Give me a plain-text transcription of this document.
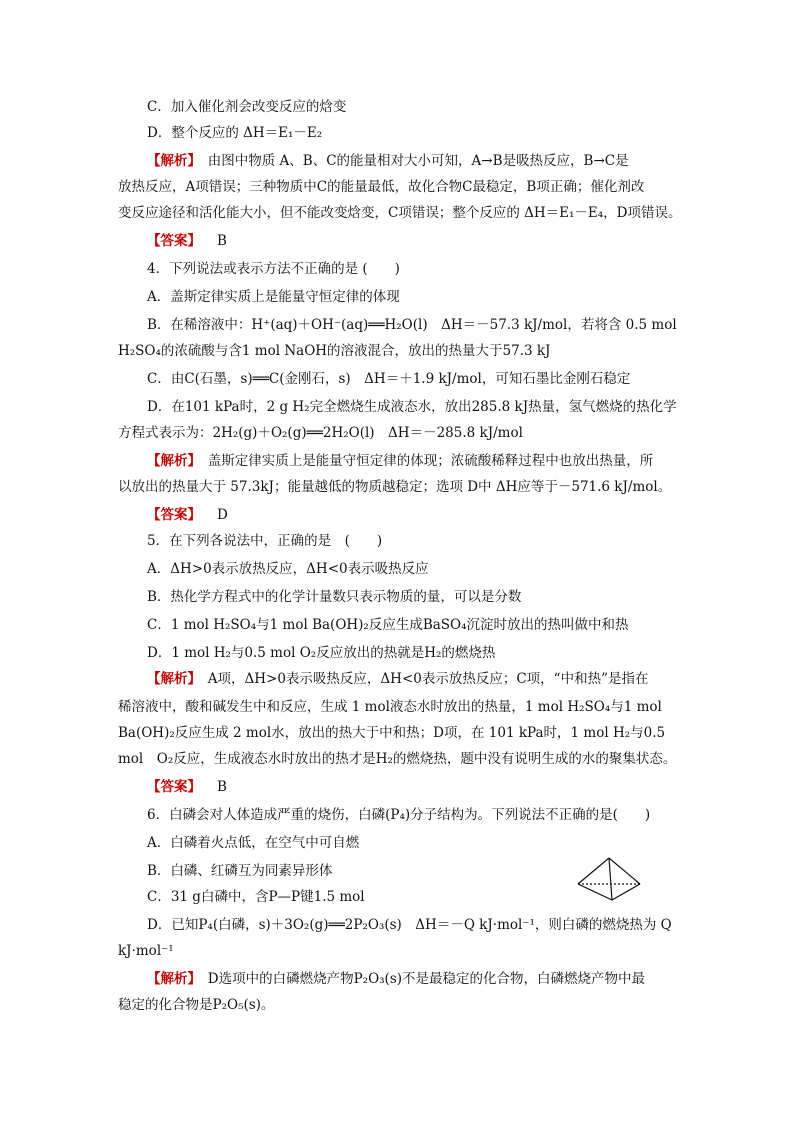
C．加入催化剂会改变反应的焓变
D．整个反应的 ΔH＝E₁－E₂
【解析】　由图中物质 A、B、C的能量相对大小可知，A→B是吸热反应，B→C是
放热反应，A项错误；三种物质中C的能量最低，故化合物C最稳定，B项正确；催化剂改
变反应途径和活化能大小，但不能改变焓变，C项错误；整个反应的 ΔH＝E₁－E₄，D项错误。
【答案】 B
4．下列说法或表示方法不正确的是 (　　)
A．盖斯定律实质上是能量守恒定律的体现
B．在稀溶液中：H⁺(aq)＋OH⁻(aq)══H₂O(l)　ΔH＝－57.3 kJ/mol，若将含 0.5 mol
H₂SO₄的浓硫酸与含1 mol NaOH的溶液混合，放出的热量大于57.3 kJ
C．由C(石墨，s)══C(金刚石，s)　ΔH＝＋1.9 kJ/mol，可知石墨比金刚石稳定
D．在101 kPa时，2 g H₂完全燃烧生成液态水，放出285.8 kJ热量，氢气燃烧的热化学
方程式表示为：2H₂(g)＋O₂(g)══2H₂O(l)　ΔH＝－285.8 kJ/mol
【解析】　盖斯定律实质上是能量守恒定律的体现；浓硫酸稀释过程中也放出热量，所
以放出的热量大于 57.3kJ；能量越低的物质越稳定；选项 D中 ΔH应等于－571.6 kJ/mol。
【答案】 D
5．在下列各说法中，正确的是　(　　)
A．ΔH>0表示放热反应，ΔH<0表示吸热反应
B．热化学方程式中的化学计量数只表示物质的量，可以是分数
C．1 mol H₂SO₄与1 mol Ba(OH)₂反应生成BaSO₄沉淀时放出的热叫做中和热
D．1 mol H₂与0.5 mol O₂反应放出的热就是H₂的燃烧热
【解析】　A项，ΔH>0表示吸热反应，ΔH<0表示放热反应；C项，“中和热”是指在
稀溶液中，酸和碱发生中和反应，生成 1 mol液态水时放出的热量，1 mol H₂SO₄与1 mol
Ba(OH)₂反应生成 2 mol水，放出的热大于中和热；D项，在 101 kPa时，1 mol H₂与0.5
mol　O₂反应，生成液态水时放出的热才是H₂的燃烧热，题中没有说明生成的水的聚集状态。
【答案】 B
6．白磷会对人体造成严重的烧伤，白磷(P₄)分子结构为。下列说法不正确的是(　　)
A．白磷着火点低，在空气中可自燃
B．白磷、红磷互为同素异形体
C．31 g白磷中，含P—P键1.5 mol
D．已知P₄(白磷，s)＋3O₂(g)══2P₂O₃(s)　ΔH＝－Q kJ·mol⁻¹，则白磷的燃烧热为 Q
kJ·mol⁻¹
【解析】　D选项中的白磷燃烧产物P₂O₃(s)不是最稳定的化合物，白磷燃烧产物中最
稳定的化合物是P₂O₅(s)。
